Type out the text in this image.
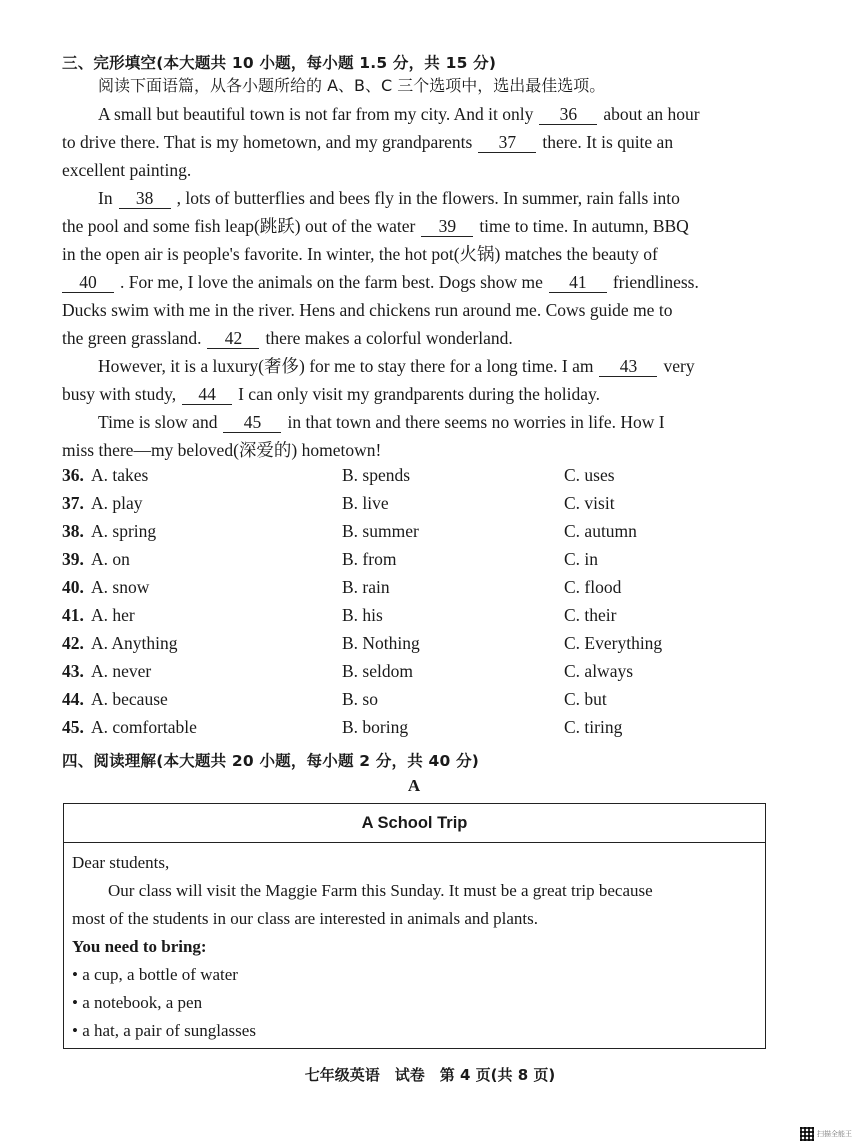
三、完形填空(本大题共 10 小题，每小题 1.5 分，共 15 分)
阅读下面语篇，从各小题所给的 A、B、C 三个选项中，选出最佳选项。
A small but beautiful town is not far from my city. And it only 36 about an hour
to drive there. That is my hometown, and my grandparents 37 there. It is quite an
excellent painting.
In 38 , lots of butterflies and bees fly in the flowers. In summer, rain falls into
the pool and some fish leap(跳跃) out of the water 39 time to time. In autumn, BBQ
in the open air is people's favorite. In winter, the hot pot(火锅) matches the beauty of
40 . For me, I love the animals on the farm best. Dogs show me 41 friendliness.
Ducks swim with me in the river. Hens and chickens run around me. Cows guide me to
the green grassland. 42 there makes a colorful wonderland.
However, it is a luxury(奢侈) for me to stay there for a long time. I am 43 very
busy with study, 44 I can only visit my grandparents during the holiday.
Time is slow and 45 in that town and there seems no worries in life. How I
miss there—my beloved(深爱的) hometown!
36. A. takes	B. spends	C. uses
37. A. play	B. live	C. visit
38. A. spring	B. summer	C. autumn
39. A. on	B. from	C. in
40. A. snow	B. rain	C. flood
41. A. her	B. his	C. their
42. A. Anything	B. Nothing	C. Everything
43. A. never	B. seldom	C. always
44. A. because	B. so	C. but
45. A. comfortable	B. boring	C. tiring
四、阅读理解(本大题共 20 小题，每小题 2 分，共 40 分)
A
A School Trip
Dear students,
Our class will visit the Maggie Farm this Sunday. It must be a great trip because
most of the students in our class are interested in animals and plants.
You need to bring:
• a cup, a bottle of water
• a notebook, a pen
• a hat, a pair of sunglasses
七年级英语　试卷　第 4 页(共 8 页)
扫描全能王
